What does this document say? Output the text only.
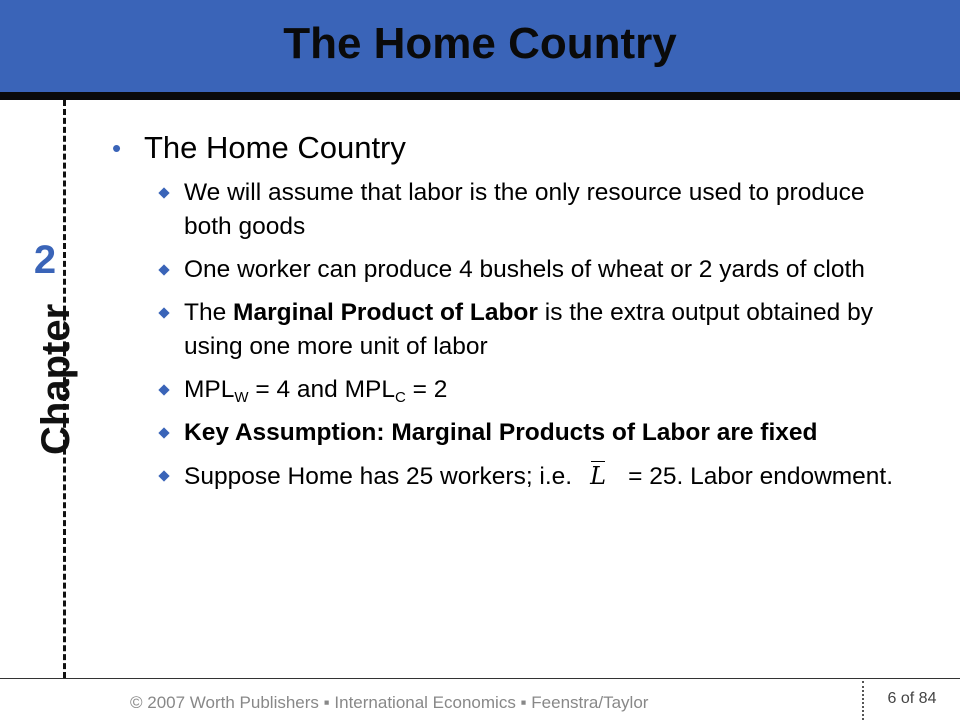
The Home Country
2
Chapter
• The Home Country
We will assume that labor is the only resource used to produce both goods
One worker can produce 4 bushels of wheat or 2 yards of cloth
The Marginal Product of Labor is the extra output obtained by using one more unit of labor
$MPL_W = 4$ and $MPL_C = 2$
Key Assumption: Marginal Products of Labor are fixed
Suppose Home has 25 workers; i.e. L = 25. Labor endowment.
© 2007 Worth Publishers ▪ International Economics ▪ Feenstra/Taylor	6 of 84
